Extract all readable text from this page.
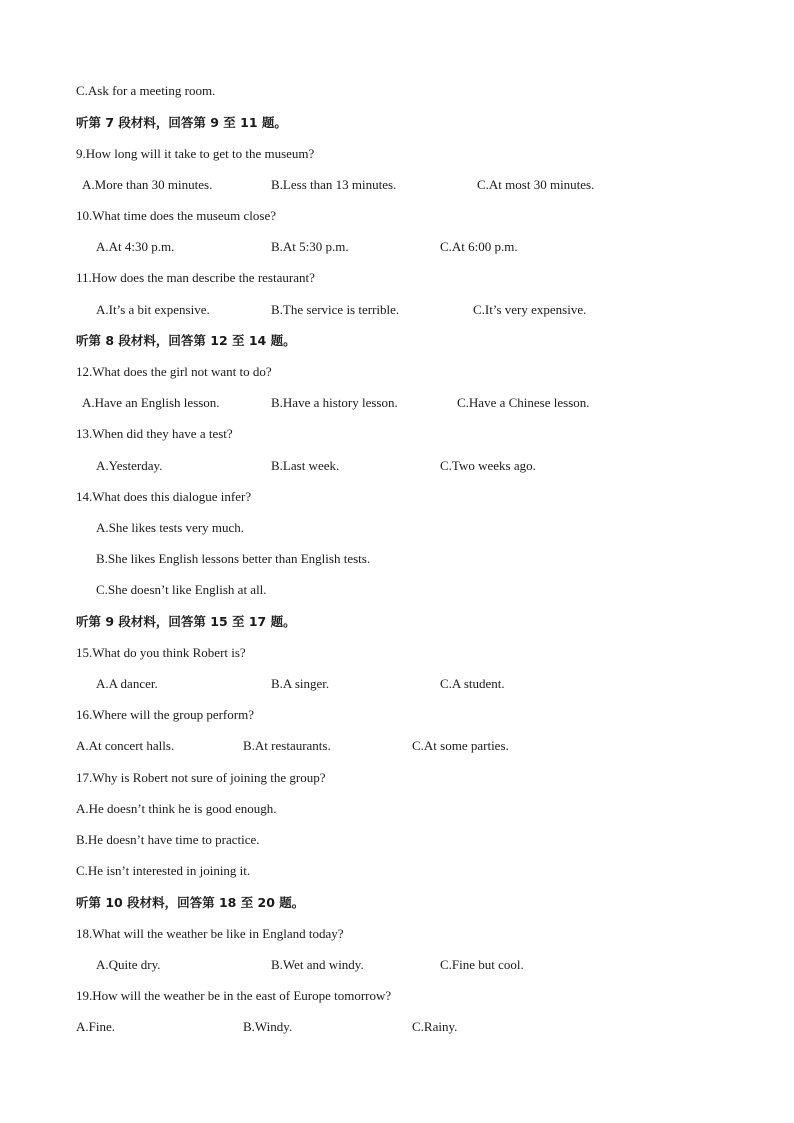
C.Ask for a meeting room.
听第 7 段材料，回答第 9 至 11 题。
9.How long will it take to get to the museum?
A.More than 30 minutes.	B.Less than 13 minutes.	C.At most 30 minutes.
10.What time does the museum close?
A.At 4:30 p.m.	B.At 5:30 p.m.	C.At 6:00 p.m.
11.How does the man describe the restaurant?
A.It’s a bit expensive.	B.The service is terrible.	C.It’s very expensive.
听第 8 段材料，回答第 12 至 14 题。
12.What does the girl not want to do?
A.Have an English lesson.	B.Have a history lesson.	C.Have a Chinese lesson.
13.When did they have a test?
A.Yesterday.	B.Last week.	C.Two weeks ago.
14.What does this dialogue infer?
A.She likes tests very much.
B.She likes English lessons better than English tests.
C.She doesn’t like English at all.
听第 9 段材料，回答第 15 至 17 题。
15.What do you think Robert is?
A.A dancer.	B.A singer.	C.A student.
16.Where will the group perform?
A.At concert halls.	B.At restaurants.	C.At some parties.
17.Why is Robert not sure of joining the group?
A.He doesn’t think he is good enough.
B.He doesn’t have time to practice.
C.He isn’t interested in joining it.
听第 10 段材料，回答第 18 至 20 题。
18.What will the weather be like in England today?
A.Quite dry.	B.Wet and windy.	C.Fine but cool.
19.How will the weather be in the east of Europe tomorrow?
A.Fine.	B.Windy.	C.Rainy.
